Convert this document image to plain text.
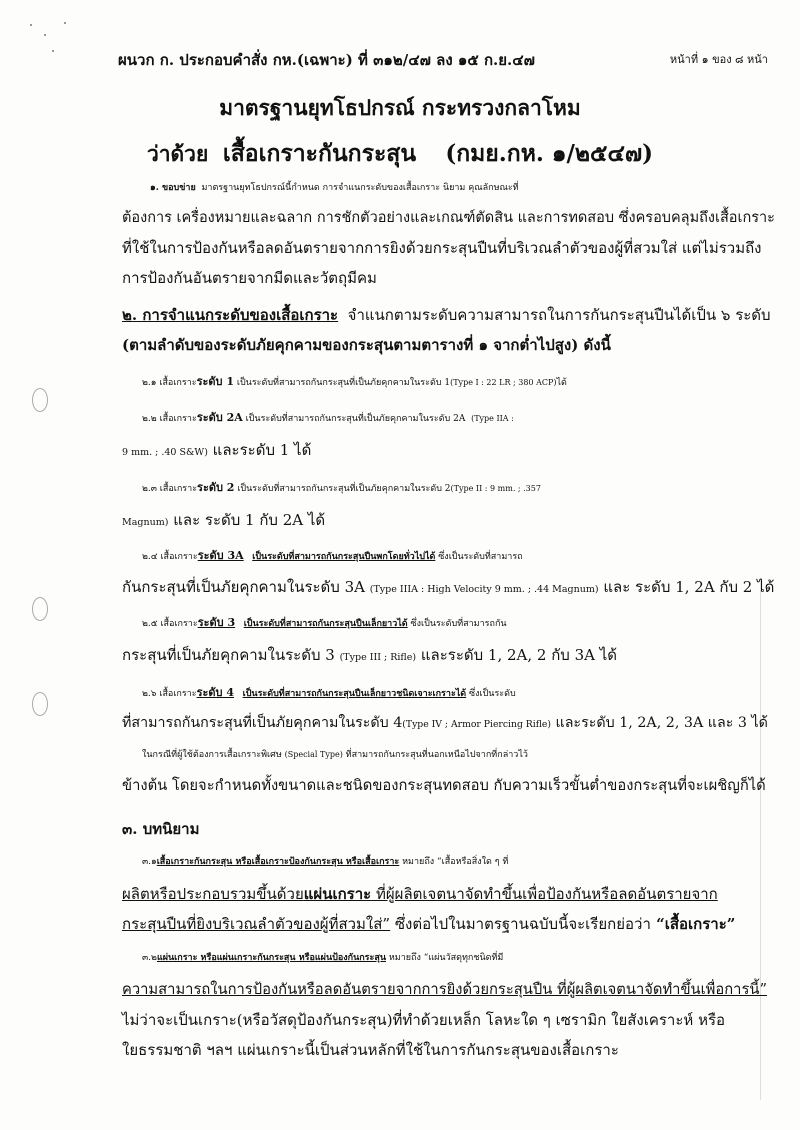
ผนวก ก. ประกอบคำสั่ง กห.(เฉพาะ) ที่ ๓๑๒/๔๗ ลง ๑๕ ก.ย.๔๗	หน้าที่ ๑ ของ ๘ หน้า
มาตรฐานยุทโธปกรณ์ กระทรวงกลาโหม
ว่าด้วย เสื้อเกราะกันกระสุน (กมย.กห. ๑/๒๕๔๗)
๑. ขอบข่าย มาตรฐานยุทโธปกรณ์นี้กำหนด การจำแนกระดับของเสื้อเกราะ นิยาม คุณลักษณะที่
ต้องการ เครื่องหมายและฉลาก การชักตัวอย่างและเกณฑ์ตัดสิน และการทดสอบ ซึ่งครอบคลุมถึงเสื้อเกราะ
ที่ใช้ในการป้องกันหรือลดอันตรายจากการยิงด้วยกระสุนปืนที่บริเวณลำตัวของผู้ที่สวมใส่ แต่ไม่รวมถึง
การป้องกันอันตรายจากมีดและวัตถุมีคม
๒. การจำแนกระดับของเสื้อเกราะ จำแนกตามระดับความสามารถในการกันกระสุนปืนได้เป็น ๖ ระดับ
(ตามลำดับของระดับภัยคุกคามของกระสุนตามตารางที่ ๑ จากต่ำไปสูง) ดังนี้
๒.๑ เสื้อเกราะระดับ 1 เป็นระดับที่สามารถกันกระสุนที่เป็นภัยคุกคามในระดับ 1(Type I : 22 LR ; 380 ACP)ได้
๒.๒ เสื้อเกราะระดับ 2A เป็นระดับที่สามารถกันกระสุนที่เป็นภัยคุกคามในระดับ 2A (Type IIA :
9 mm. ; .40 S&W) และระดับ 1 ได้
๒.๓ เสื้อเกราะระดับ 2 เป็นระดับที่สามารถกันกระสุนที่เป็นภัยคุกคามในระดับ 2(Type II : 9 mm. ; .357
Magnum) และ ระดับ 1 กับ 2A ได้
๒.๔ เสื้อเกราะระดับ 3A เป็นระดับที่สามารถกันกระสุนปืนพกโดยทั่วไปได้ ซึ่งเป็นระดับที่สามารถ
กันกระสุนที่เป็นภัยคุกคามในระดับ 3A (Type IIIA : High Velocity 9 mm. ; .44 Magnum) และ ระดับ 1, 2A กับ 2 ได้
๒.๕ เสื้อเกราะระดับ 3 เป็นระดับที่สามารถกันกระสุนปืนเล็กยาวได้ ซึ่งเป็นระดับที่สามารถกัน
กระสุนที่เป็นภัยคุกคามในระดับ 3 (Type III ; Rifle) และระดับ 1, 2A, 2 กับ 3A ได้
๒.๖ เสื้อเกราะระดับ 4 เป็นระดับที่สามารถกันกระสุนปืนเล็กยาวชนิดเจาะเกราะได้ ซึ่งเป็นระดับ
ที่สามารถกันกระสุนที่เป็นภัยคุกคามในระดับ 4(Type IV ; Armor Piercing Rifle) และระดับ 1, 2A, 2, 3A และ 3 ได้
ในกรณีที่ผู้ใช้ต้องการเสื้อเกราะพิเศษ (Special Type) ที่สามารถกันกระสุนที่นอกเหนือไปจากที่กล่าวไว้
ข้างต้น โดยจะกำหนดทั้งขนาดและชนิดของกระสุนทดสอบ กับความเร็วขั้นต่ำของกระสุนที่จะเผชิญก็ได้
๓. บทนิยาม
๓.๑เสื้อเกราะกันกระสุน หรือเสื้อเกราะป้องกันกระสุน หรือเสื้อเกราะ หมายถึง “เสื้อหรือสิ่งใด ๆ ที่
ผลิตหรือประกอบรวมขึ้นด้วยแผ่นเกราะ ที่ผู้ผลิตเจตนาจัดทำขึ้นเพื่อป้องกันหรือลดอันตรายจาก
กระสุนปืนที่ยิงบริเวณลำตัวของผู้ที่สวมใส่” ซึ่งต่อไปในมาตรฐานฉบับนี้จะเรียกย่อว่า “เสื้อเกราะ”
๓.๒แผ่นเกราะ หรือแผ่นเกราะกันกระสุน หรือแผ่นป้องกันกระสุน หมายถึง “แผ่นวัสดุทุกชนิดที่มี
ความสามารถในการป้องกันหรือลดอันตรายจากการยิงด้วยกระสุนปืน ที่ผู้ผลิตเจตนาจัดทำขึ้นเพื่อการนี้”
ไม่ว่าจะเป็นเกราะ(หรือวัสดุป้องกันกระสุน)ที่ทำด้วยเหล็ก โลหะใด ๆ เซรามิก ใยสังเคราะห์ หรือ
ใยธรรมชาติ ฯลฯ แผ่นเกราะนี้เป็นส่วนหลักที่ใช้ในการกันกระสุนของเสื้อเกราะ
